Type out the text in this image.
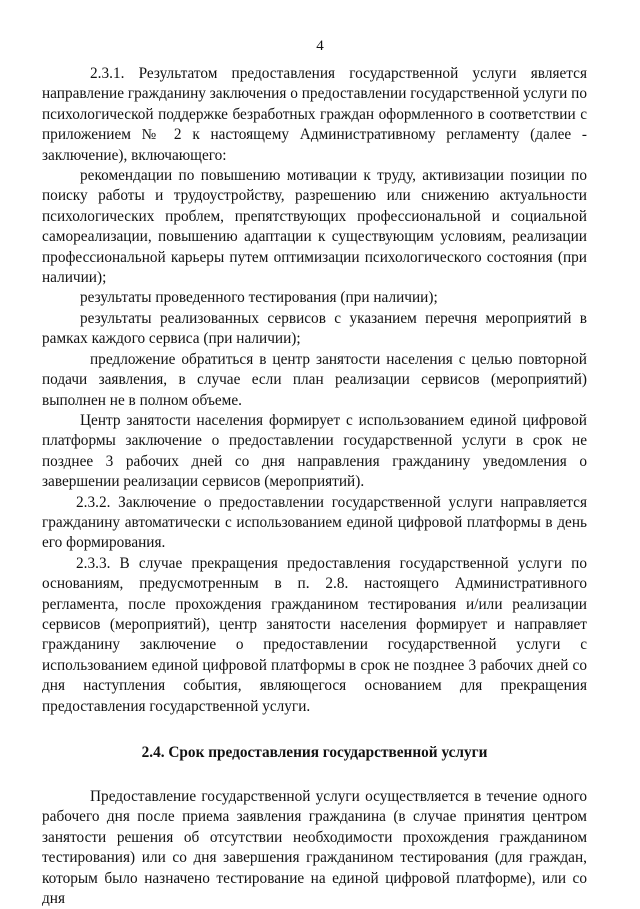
4

2.3.1. Результатом предоставления государственной услуги является направление гражданину заключения о предоставлении государственной услуги по психологической поддержке безработных граждан оформленного в соответствии с приложением № 2 к настоящему Административному регламенту (далее - заключение), включающего:

рекомендации по повышению мотивации к труду, активизации позиции по поиску работы и трудоустройству, разрешению или снижению актуальности психологических проблем, препятствующих профессиональной и социальной самореализации, повышению адаптации к существующим условиям, реализации профессиональной карьеры путем оптимизации психологического состояния (при наличии);

результаты проведенного тестирования (при наличии);

результаты реализованных сервисов с указанием перечня мероприятий в рамках каждого сервиса (при наличии);

предложение обратиться в центр занятости населения с целью повторной подачи заявления, в случае если план реализации сервисов (мероприятий) выполнен не в полном объеме.

Центр занятости населения формирует с использованием единой цифровой платформы заключение о предоставлении государственной услуги в срок не позднее 3 рабочих дней со дня направления гражданину уведомления о завершении реализации сервисов (мероприятий).

2.3.2. Заключение о предоставлении государственной услуги направляется гражданину автоматически с использованием единой цифровой платформы в день его формирования.

2.3.3. В случае прекращения предоставления государственной услуги по основаниям, предусмотренным в п. 2.8. настоящего Административного регламента, после прохождения гражданином тестирования и/или реализации сервисов (мероприятий), центр занятости населения формирует и направляет гражданину заключение о предоставлении государственной услуги с использованием единой цифровой платформы в срок не позднее 3 рабочих дней со дня наступления события, являющегося основанием для прекращения предоставления государственной услуги.

2.4. Срок предоставления государственной услуги

Предоставление государственной услуги осуществляется в течение одного рабочего дня после приема заявления гражданина (в случае принятия центром занятости решения об отсутствии необходимости прохождения гражданином тестирования) или со дня завершения гражданином тестирования (для граждан, которым было назначено тестирование на единой цифровой платформе), или со дня
